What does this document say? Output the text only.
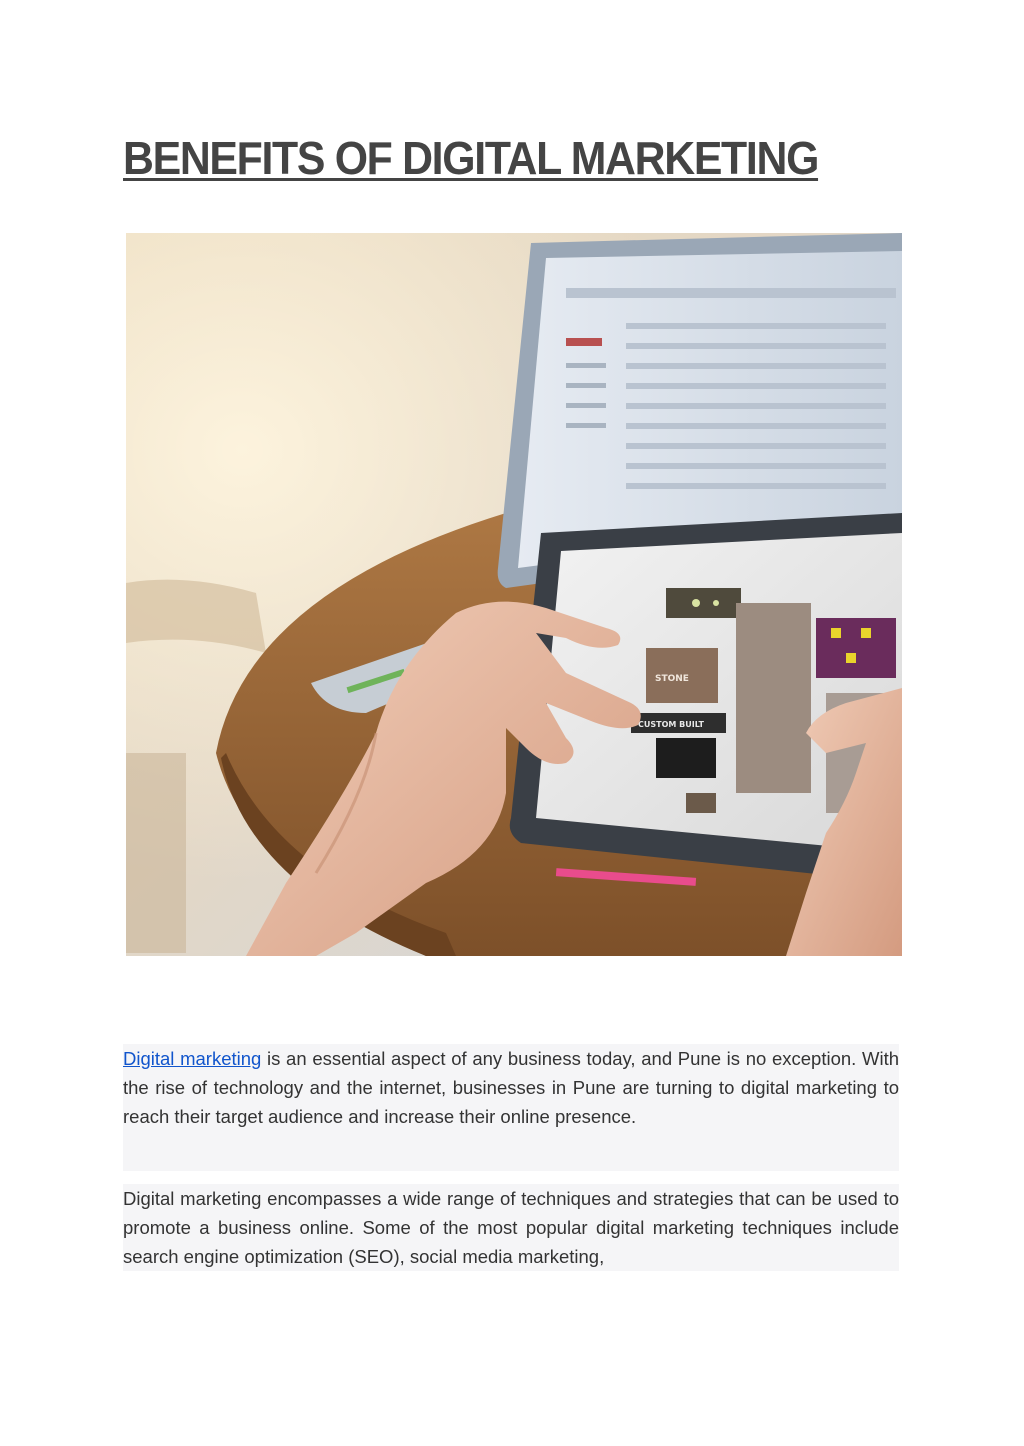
BENEFITS OF DIGITAL MARKETING
STONE
CUSTOM BUILT

Digital marketing is an essential aspect of any business today, and Pune is no exception. With the rise of technology and the internet, businesses in Pune are turning to digital marketing to reach their target audience and increase their online presence.

Digital marketing encompasses a wide range of techniques and strategies that can be used to promote a business online. Some of the most popular digital marketing techniques include search engine optimization (SEO), social media marketing,
